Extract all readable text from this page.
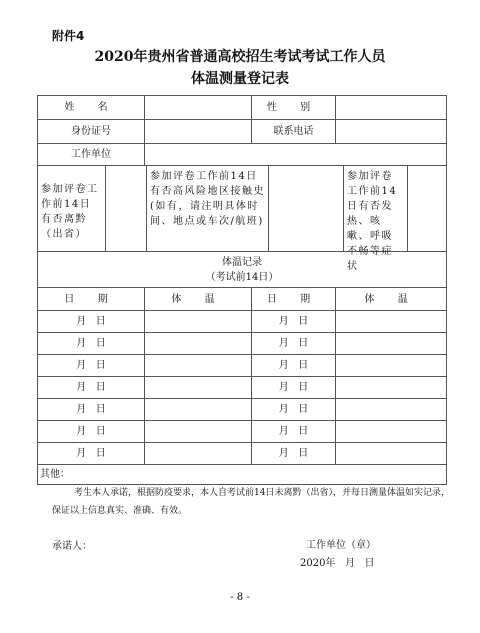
附件4
2020年贵州省普通高校招生考试考试工作人员
体温测量登记表
姓 名		性 别	
身份证号		联系电话	
工作单位			

参加评卷工作前14日有否离黔（出省）
参加评卷工作前14日有否高风险地区接触史(如有，请注明具体时间、地点或车次/航班)
参加评卷工作前14日有否发热、咳嗽、呼吸不畅等症状			

体温记录
（考试前14日）			

日 期	体 温	日 期	体 温
月   日		月   日	
月   日		月   日	
月   日		月   日	
月   日		月   日	
月   日		月   日	
月   日		月   日	
月   日		月   日	
其他：			
考生本人承诺，根据防疫要求，本人自考试前14日未离黔（出省），并每日测量体温如实记录，保证以上信息真实、准确、有效。
承诺人：	工作单位（章）
2020年   月   日
- 8 -
